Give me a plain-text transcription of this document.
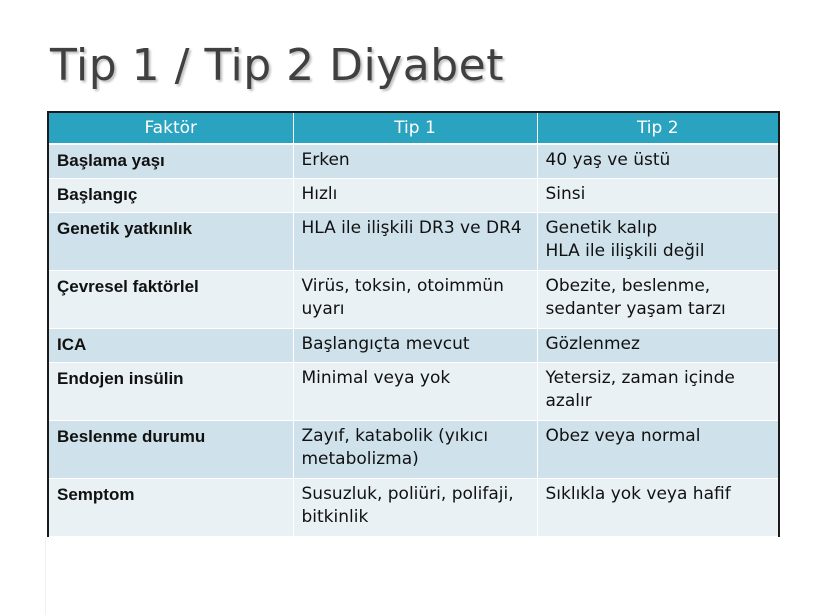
Tip 1 / Tip 2 Diyabet
Faktör	Tip 1	Tip 2
Başlama yaşı	Erken	40 yaş ve üstü
Başlangıç	Hızlı	Sinsi
Genetik yatkınlık	HLA ile ilişkili DR3 ve DR4	Genetik kalıp
HLA ile ilişkili değil
Çevresel faktörlel	Virüs, toksin, otoimmün uyarı	Obezite, beslenme, sedanter yaşam tarzı
ICA	Başlangıçta mevcut	Gözlenmez
Endojen insülin	Minimal veya yok	Yetersiz, zaman içinde azalır
Beslenme durumu	Zayıf, katabolik (yıkıcı metabolizma)	Obez veya normal
Semptom	Susuzluk, poliüri, polifaji, bitkinlik	Sıklıkla yok veya hafif
